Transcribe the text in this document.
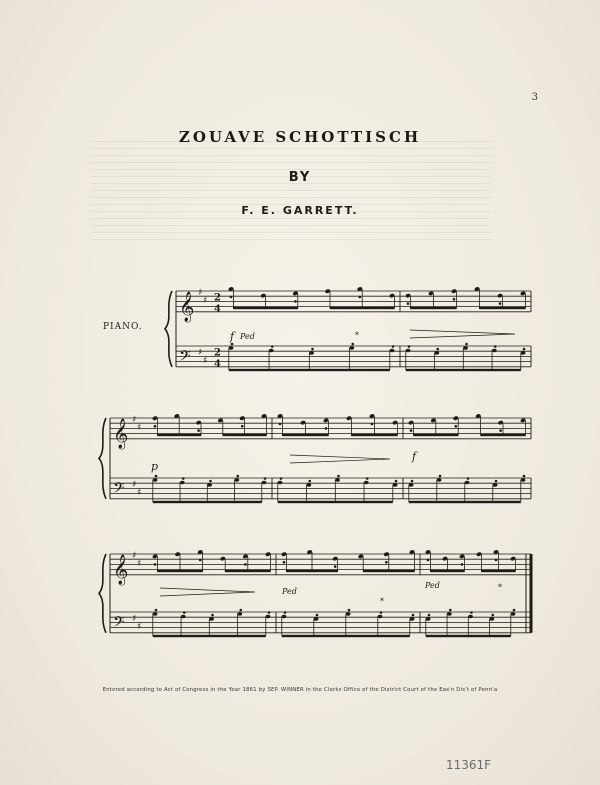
3
ZOUAVE SCHOTTISCH
BY
F. E. GARRETT.
PIANO.
𝄞
𝄢
♯
♯
♯
♯
2
4
2
4
𝄞
𝄢
♯
♯
♯
♯
𝄞
𝄢
♯
♯
♯
♯
f Ped	*
p
f
Ped
*
Ped	*
Entered according to Act of Congress in the Year 1861 by SEP. WINNER in the Clerks Office of the District Court of the Eas'n Dis't of Penn'a
11361F
